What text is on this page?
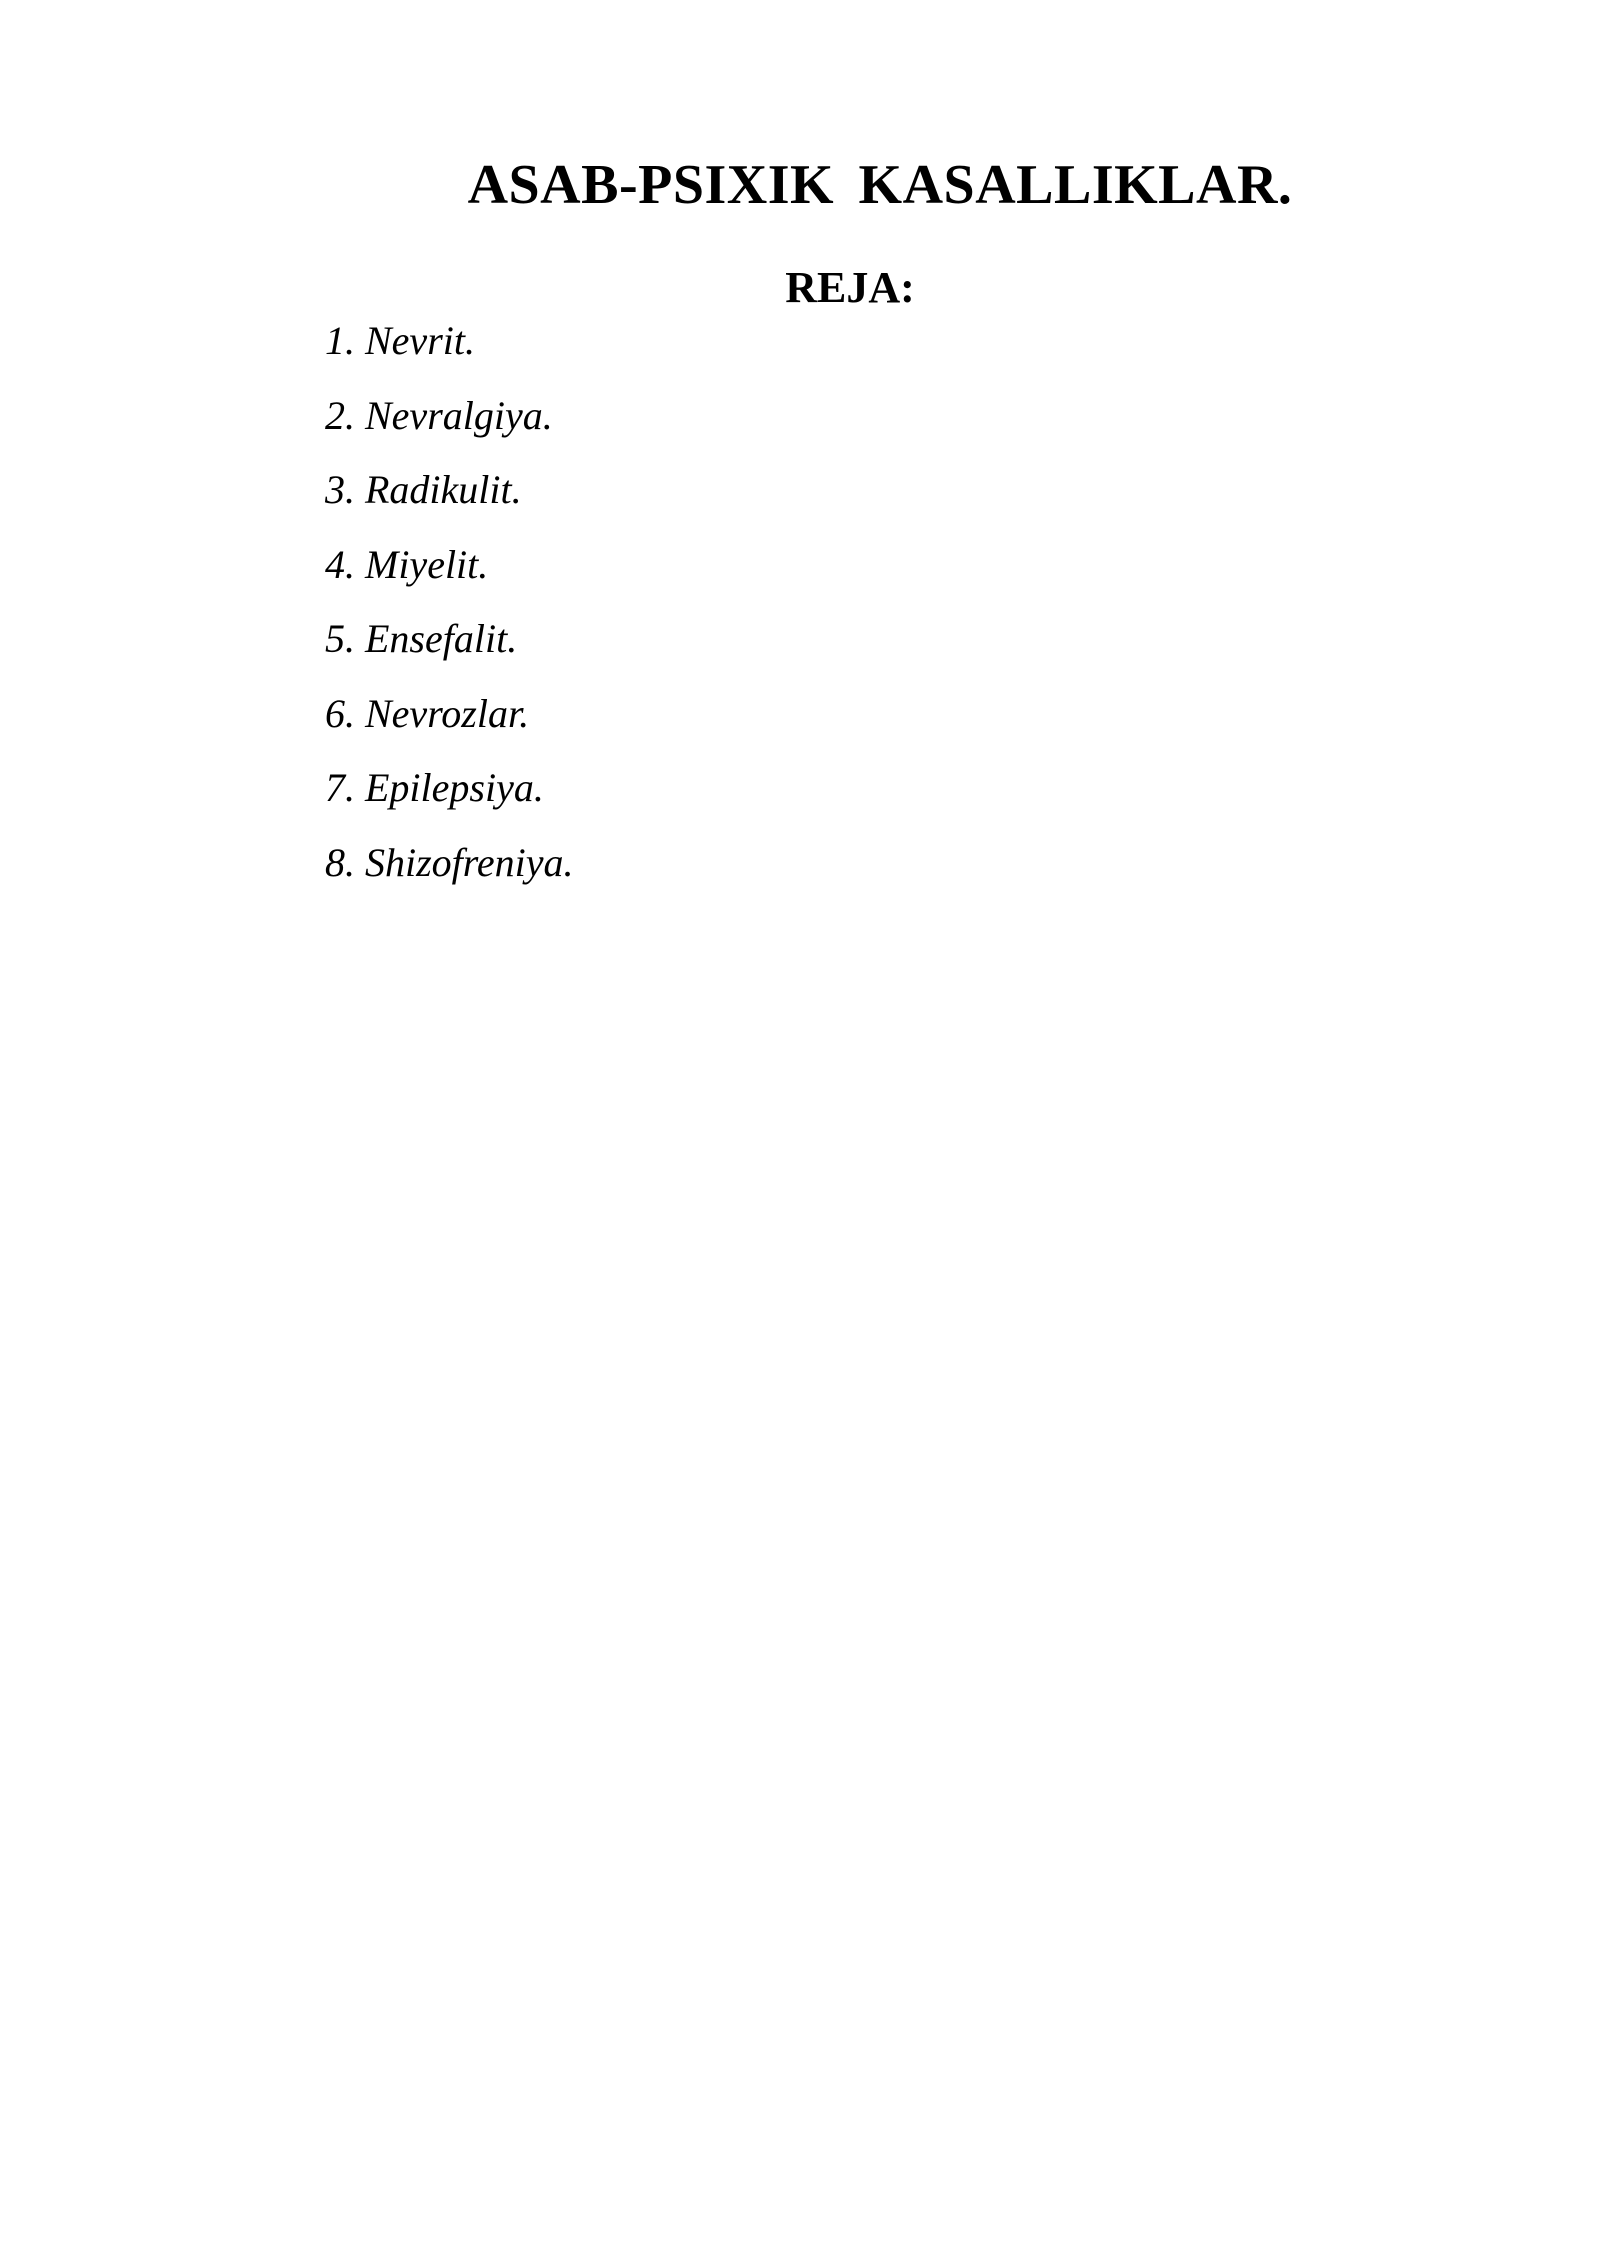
ASAB-PSIXIK KASALLIKLAR.
REJA:
1. Nevrit.
2. Nevralgiya.
3. Radikulit.
4. Miyelit.
5. Ensefalit.
6. Nevrozlar.
7. Epilepsiya.
8. Shizofreniya.
